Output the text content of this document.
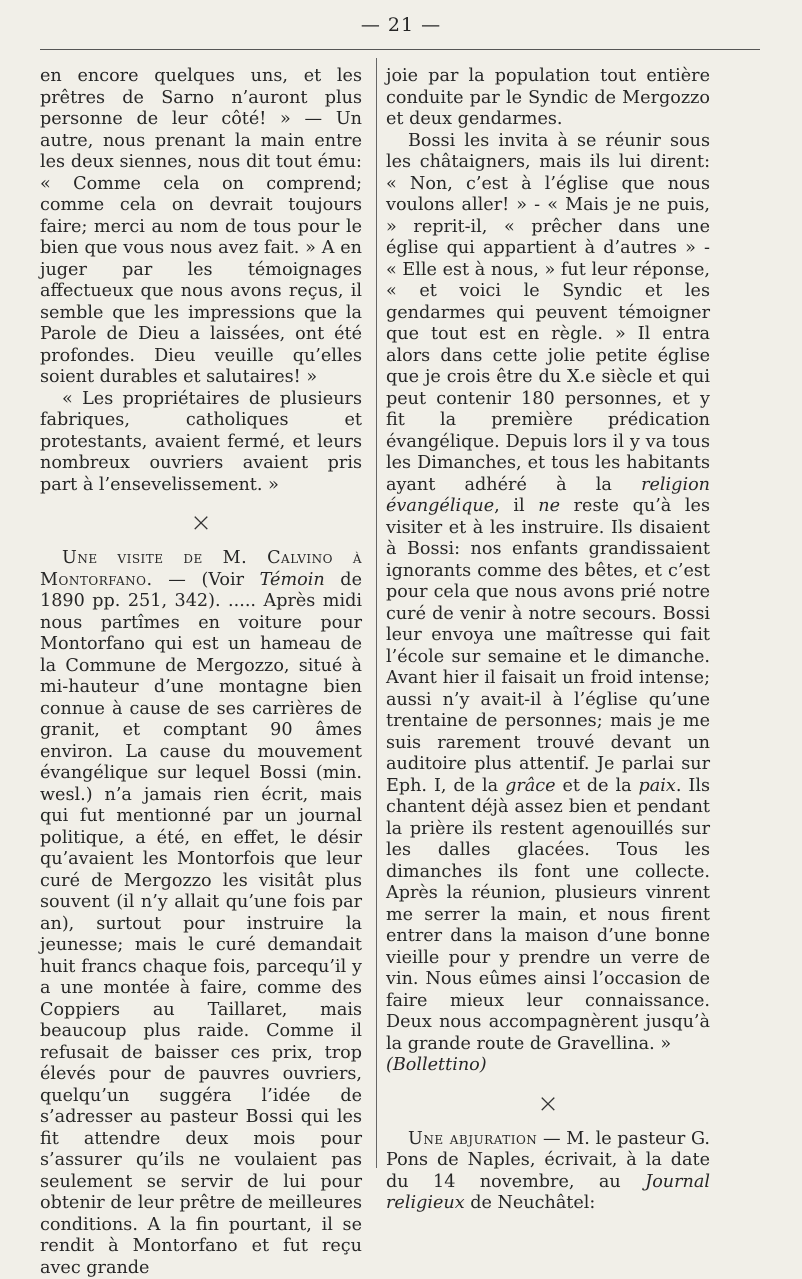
— 21 —

en encore quelques uns, et les prêtres de Sarno n’auront plus personne de leur côté! » — Un autre, nous prenant la main entre les deux siennes, nous dit tout ému: « Comme cela on comprend; comme cela on devrait toujours faire; merci au nom de tous pour le bien que vous nous avez fait. » A en juger par les témoignages affectueux que nous avons reçus, il semble que les impressions que la Parole de Dieu a laissées, ont été profondes. Dieu veuille qu’elles soient durables et salutaires! »

« Les propriétaires de plusieurs fabriques, catholiques et protestants, avaient fermé, et leurs nombreux ouvriers avaient pris part à l’ensevelissement. »

×

Une visite de M. Calvino à Montorfano. — (Voir Témoin de 1890 pp. 251, 342). ..... Après midi nous partîmes en voiture pour Montorfano qui est un hameau de la Commune de Mergozzo, situé à mi-hauteur d’une montagne bien connue à cause de ses carrières de granit, et comptant 90 âmes environ. La cause du mouvement évangélique sur lequel Bossi (min. wesl.) n’a jamais rien écrit, mais qui fut mentionné par un journal politique, a été, en effet, le désir qu’avaient les Montorfois que leur curé de Mergozzo les visitât plus souvent (il n’y allait qu’une fois par an), surtout pour instruire la jeunesse; mais le curé demandait huit francs chaque fois, parcequ’il y a une montée à faire, comme des Coppiers au Taillaret, mais beaucoup plus raide. Comme il refusait de baisser ces prix, trop élevés pour de pauvres ouvriers, quelqu’un suggéra l’idée de s’adresser au pasteur Bossi qui les fit attendre deux mois pour s’assurer qu’ils ne voulaient pas seulement se servir de lui pour obtenir de leur prêtre de meilleures conditions. A la fin pourtant, il se rendit à Montorfano et fut reçu avec grande

joie par la population tout entière conduite par le Syndic de Mergozzo et deux gendarmes.

Bossi les invita à se réunir sous les châtaigners, mais ils lui dirent: « Non, c’est à l’église que nous voulons aller! » - « Mais je ne puis, » reprit-il, « prêcher dans une église qui appartient à d’autres » - « Elle est à nous, » fut leur réponse, « et voici le Syndic et les gendarmes qui peuvent témoigner que tout est en règle. » Il entra alors dans cette jolie petite église que je crois être du X.e siècle et qui peut contenir 180 personnes, et y fit la première prédication évangélique. Depuis lors il y va tous les Dimanches, et tous les habitants ayant adhéré à la religion évangélique, il ne reste qu’à les visiter et à les instruire. Ils disaient à Bossi: nos enfants grandissaient ignorants comme des bêtes, et c’est pour cela que nous avons prié notre curé de venir à notre secours. Bossi leur envoya une maîtresse qui fait l’école sur semaine et le dimanche. Avant hier il faisait un froid intense; aussi n’y avait-il à l’église qu’une trentaine de personnes; mais je me suis rarement trouvé devant un auditoire plus attentif. Je parlai sur Eph. I, de la grâce et de la paix. Ils chantent déjà assez bien et pendant la prière ils restent agenouillés sur les dalles glacées. Tous les dimanches ils font une collecte. Après la réunion, plusieurs vinrent me serrer la main, et nous firent entrer dans la maison d’une bonne vieille pour y prendre un verre de vin. Nous eûmes ainsi l’occasion de faire mieux leur connaissance. Deux nous accompagnèrent jusqu’à la grande route de Gravellina. »

(Bollettino)

×

Une abjuration — M. le pasteur G. Pons de Naples, écrivait, à la date du 14 novembre, au Journal religieux de Neuchâtel:
